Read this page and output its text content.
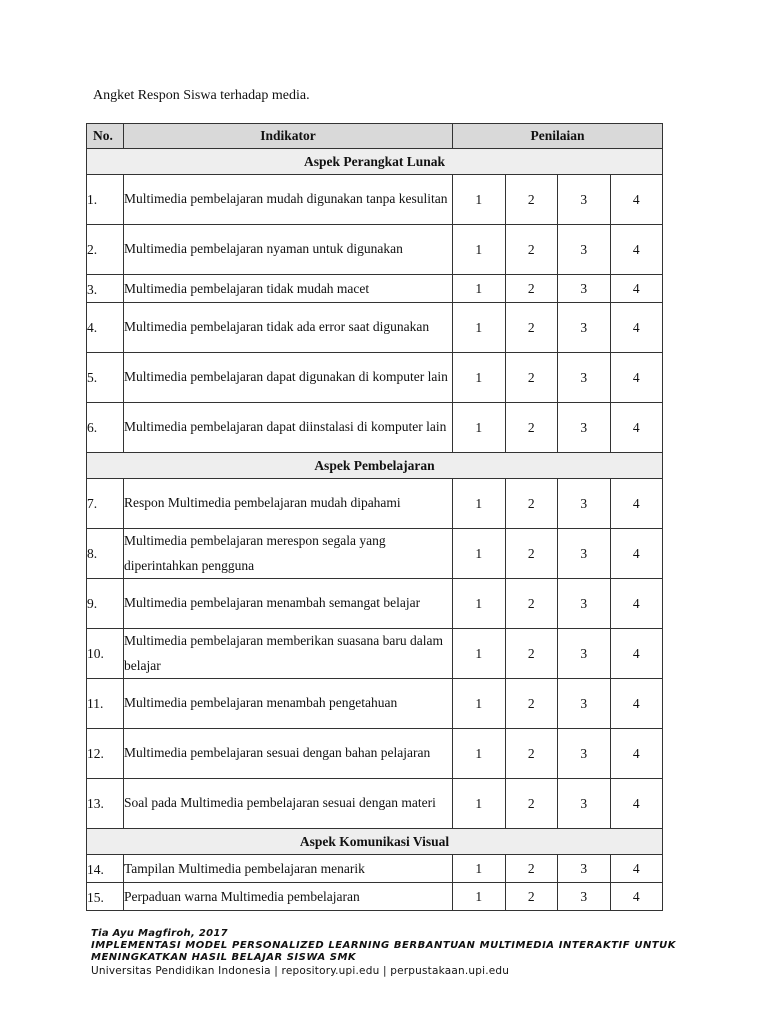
Angket Respon Siswa terhadap media.
No.	Indikator	Penilaian			
Aspek Perangkat Lunak					
1.	Multimedia pembelajaran mudah digunakan tanpa kesulitan	1	2	3	4
2.	Multimedia pembelajaran nyaman untuk digunakan	1	2	3	4
3.	Multimedia pembelajaran tidak mudah macet	1	2	3	4
4.	Multimedia pembelajaran tidak ada error saat digunakan	1	2	3	4
5.	Multimedia pembelajaran dapat digunakan di komputer lain	1	2	3	4
6.	Multimedia pembelajaran dapat diinstalasi di komputer lain	1	2	3	4
Aspek Pembelajaran					
7.	Respon Multimedia pembelajaran mudah dipahami	1	2	3	4
8.	Multimedia pembelajaran merespon segala yang diperintahkan pengguna	1	2	3	4
9.	Multimedia pembelajaran menambah semangat belajar	1	2	3	4
10.	Multimedia pembelajaran memberikan suasana baru dalam belajar	1	2	3	4
11.	Multimedia pembelajaran menambah pengetahuan	1	2	3	4
12.	Multimedia pembelajaran sesuai dengan bahan pelajaran	1	2	3	4
13.	Soal pada Multimedia pembelajaran sesuai dengan materi	1	2	3	4
Aspek Komunikasi Visual					
14.	Tampilan Multimedia pembelajaran menarik	1	2	3	4
15.	Perpaduan warna Multimedia pembelajaran	1	2	3	4
Tia Ayu Magfiroh, 2017
IMPLEMENTASI MODEL PERSONALIZED LEARNING BERBANTUAN MULTIMEDIA INTERAKTIF UNTUK MENINGKATKAN HASIL BELAJAR SISWA SMK
Universitas Pendidikan Indonesia | repository.upi.edu | perpustakaan.upi.edu
